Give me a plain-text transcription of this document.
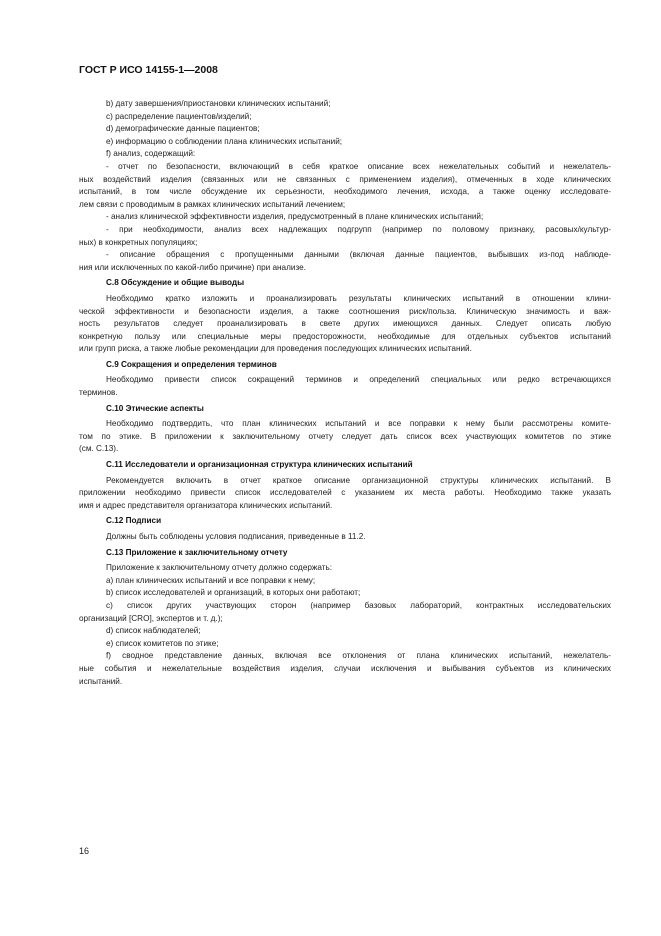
ГОСТ Р ИСО 14155-1—2008
b) дату завершения/приостановки клинических испытаний;
c) распределение пациентов/изделий;
d) демографические данные пациентов;
e) информацию о соблюдении плана клинических испытаний;
f) анализ, содержащий:
- отчет по безопасности, включающий в себя краткое описание всех нежелательных событий и нежелатель-
ных воздействий изделия (связанных или не связанных с применением изделия), отмеченных в ходе клинических
испытаний, в том числе обсуждение их серьезности, необходимого лечения, исхода, а также оценку исследовате-
лем связи с проводимым в рамках клинических испытаний лечением;
- анализ клинической эффективности изделия, предусмотренный в плане клинических испытаний;
- при необходимости, анализ всех надлежащих подгрупп (например по половому признаку, расовых/культур-
ных) в конкретных популяциях;
- описание обращения с пропущенными данными (включая данные пациентов, выбывших из-под наблюде-
ния или исключенных по какой-либо причине) при анализе.
С.8 Обсуждение и общие выводы
Необходимо кратко изложить и проанализировать результаты клинических испытаний в отношении клини-
ческой эффективности и безопасности изделия, а также соотношения риск/польза. Клиническую значимость и важ-
ность результатов следует проанализировать в свете других имеющихся данных. Следует описать любую
конкретную пользу или специальные меры предосторожности, необходимые для отдельных субъектов испытаний
или групп риска, а также любые рекомендации для проведения последующих клинических испытаний.
С.9 Сокращения и определения терминов
Необходимо привести список сокращений терминов и определений специальных или редко встречающихся
терминов.
С.10 Этические аспекты
Необходимо подтвердить, что план клинических испытаний и все поправки к нему были рассмотрены комите-
том по этике. В приложении к заключительному отчету следует дать список всех участвующих комитетов по этике
(см. С.13).
С.11 Исследователи и организационная структура клинических испытаний
Рекомендуется включить в отчет краткое описание организационной структуры клинических испытаний. В
приложении необходимо привести список исследователей с указанием их места работы. Необходимо также указать
имя и адрес представителя организатора клинических испытаний.
С.12 Подписи
Должны быть соблюдены условия подписания, приведенные в 11.2.
С.13 Приложение к заключительному отчету
Приложение к заключительному отчету должно содержать:
a) план клинических испытаний и все поправки к нему;
b) список исследователей и организаций, в которых они работают;
c) список других участвующих сторон (например базовых лабораторий, контрактных исследовательских
организаций [CRO], экспертов и т. д.);
d) список наблюдателей;
e) список комитетов по этике;
f) сводное представление данных, включая все отклонения от плана клинических испытаний, нежелатель-
ные события и нежелательные воздействия изделия, случаи исключения и выбывания субъектов из клинических
испытаний.
16
